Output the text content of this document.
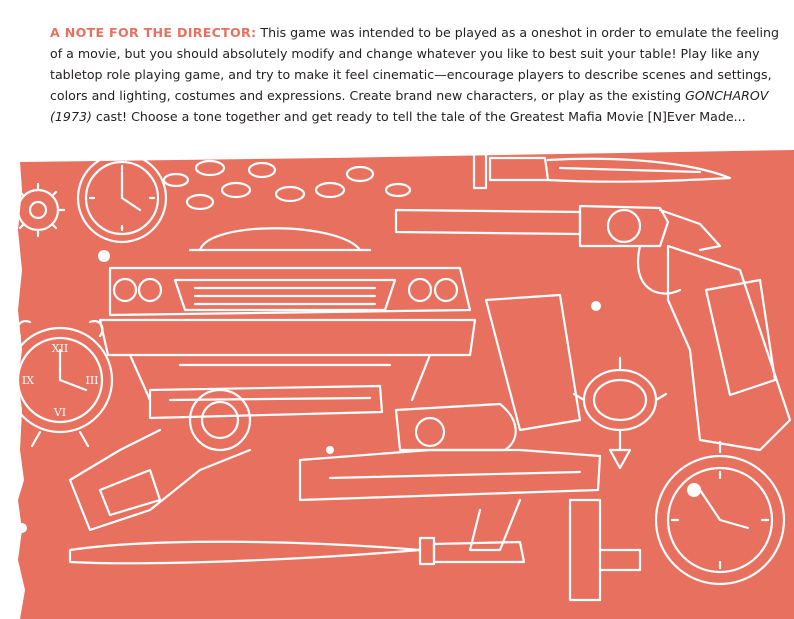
A NOTE FOR THE DIRECTOR: This game was intended to be played as a oneshot in order to emulate the feeling of a movie, but you should absolutely modify and change whatever you like to best suit your table! Play like any tabletop role playing game, and try to make it feel cinematic—encourage players to describe scenes and settings, colors and lighting, costumes and expressions. Create brand new characters, or play as the existing GONCHAROV (1973) cast! Choose a tone together and get ready to tell the tale of the Greatest Mafia Movie [N]Ever Made...

XII
III
VI
IX
